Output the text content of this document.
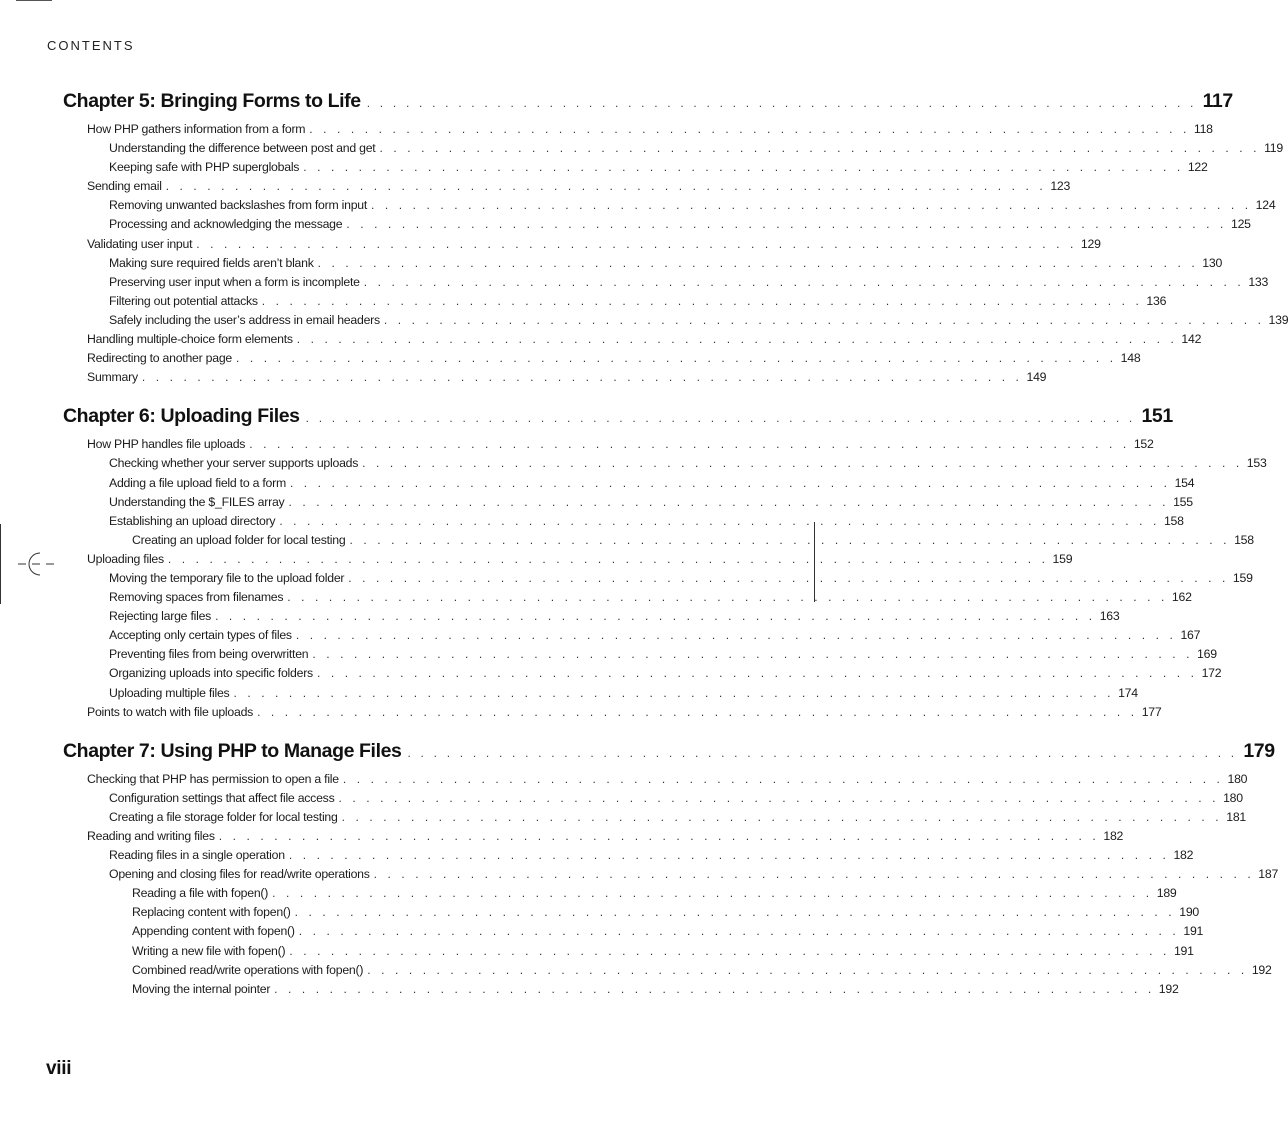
CONTENTS
Chapter 5: Bringing Forms to Life . . . . . . . . . . . . . . . . . . . . . . . . . . . . . . . . . . . . . . . . . . . . . . . . . . . . . . . . . . . . . . . . 117
How PHP gathers information from a form . . . . . . . . . . . . . . . . . . . . . . . . . . . . . . . . . . . . . . . . . . . . . . . . . . . . . . . . . . . . . . . . 118
Understanding the difference between post and get . . . . . . . . . . . . . . . . . . . . . . . . . . . . . . . . . . . . . . . . . . . . . . . . . . . . . . . . . . . . . . . . 119
Keeping safe with PHP superglobals . . . . . . . . . . . . . . . . . . . . . . . . . . . . . . . . . . . . . . . . . . . . . . . . . . . . . . . . . . . . . . . . 122
Sending email . . . . . . . . . . . . . . . . . . . . . . . . . . . . . . . . . . . . . . . . . . . . . . . . . . . . . . . . . . . . . . . . 123
Removing unwanted backslashes from form input . . . . . . . . . . . . . . . . . . . . . . . . . . . . . . . . . . . . . . . . . . . . . . . . . . . . . . . . . . . . . . . . 124
Processing and acknowledging the message . . . . . . . . . . . . . . . . . . . . . . . . . . . . . . . . . . . . . . . . . . . . . . . . . . . . . . . . . . . . . . . . 125
Validating user input . . . . . . . . . . . . . . . . . . . . . . . . . . . . . . . . . . . . . . . . . . . . . . . . . . . . . . . . . . . . . . . . 129
Making sure required fields aren’t blank . . . . . . . . . . . . . . . . . . . . . . . . . . . . . . . . . . . . . . . . . . . . . . . . . . . . . . . . . . . . . . . . 130
Preserving user input when a form is incomplete . . . . . . . . . . . . . . . . . . . . . . . . . . . . . . . . . . . . . . . . . . . . . . . . . . . . . . . . . . . . . . . . 133
Filtering out potential attacks . . . . . . . . . . . . . . . . . . . . . . . . . . . . . . . . . . . . . . . . . . . . . . . . . . . . . . . . . . . . . . . . 136
Safely including the user’s address in email headers . . . . . . . . . . . . . . . . . . . . . . . . . . . . . . . . . . . . . . . . . . . . . . . . . . . . . . . . . . . . . . . . 139
Handling multiple-choice form elements . . . . . . . . . . . . . . . . . . . . . . . . . . . . . . . . . . . . . . . . . . . . . . . . . . . . . . . . . . . . . . . . 142
Redirecting to another page . . . . . . . . . . . . . . . . . . . . . . . . . . . . . . . . . . . . . . . . . . . . . . . . . . . . . . . . . . . . . . . . 148
Summary . . . . . . . . . . . . . . . . . . . . . . . . . . . . . . . . . . . . . . . . . . . . . . . . . . . . . . . . . . . . . . . . 149
Chapter 6: Uploading Files . . . . . . . . . . . . . . . . . . . . . . . . . . . . . . . . . . . . . . . . . . . . . . . . . . . . . . . . . . . . . . . . 151
How PHP handles file uploads . . . . . . . . . . . . . . . . . . . . . . . . . . . . . . . . . . . . . . . . . . . . . . . . . . . . . . . . . . . . . . . . 152
Checking whether your server supports uploads . . . . . . . . . . . . . . . . . . . . . . . . . . . . . . . . . . . . . . . . . . . . . . . . . . . . . . . . . . . . . . . . 153
Adding a file upload field to a form . . . . . . . . . . . . . . . . . . . . . . . . . . . . . . . . . . . . . . . . . . . . . . . . . . . . . . . . . . . . . . . . 154
Understanding the $_FILES array . . . . . . . . . . . . . . . . . . . . . . . . . . . . . . . . . . . . . . . . . . . . . . . . . . . . . . . . . . . . . . . . 155
Establishing an upload directory . . . . . . . . . . . . . . . . . . . . . . . . . . . . . . . . . . . . . . . . . . . . . . . . . . . . . . . . . . . . . . . . 158
Creating an upload folder for local testing . . . . . . . . . . . . . . . . . . . . . . . . . . . . . . . . . . . . . . . . . . . . . . . . . . . . . . . . . . . . . . . . 158
Uploading files . . . . . . . . . . . . . . . . . . . . . . . . . . . . . . . . . . . . . . . . . . . . . . . . . . . . . . . . . . . . . . . . 159
Moving the temporary file to the upload folder . . . . . . . . . . . . . . . . . . . . . . . . . . . . . . . . . . . . . . . . . . . . . . . . . . . . . . . . . . . . . . . . 159
Removing spaces from filenames . . . . . . . . . . . . . . . . . . . . . . . . . . . . . . . . . . . . . . . . . . . . . . . . . . . . . . . . . . . . . . . . 162
Rejecting large files . . . . . . . . . . . . . . . . . . . . . . . . . . . . . . . . . . . . . . . . . . . . . . . . . . . . . . . . . . . . . . . . 163
Accepting only certain types of files . . . . . . . . . . . . . . . . . . . . . . . . . . . . . . . . . . . . . . . . . . . . . . . . . . . . . . . . . . . . . . . . 167
Preventing files from being overwritten . . . . . . . . . . . . . . . . . . . . . . . . . . . . . . . . . . . . . . . . . . . . . . . . . . . . . . . . . . . . . . . . 169
Organizing uploads into specific folders . . . . . . . . . . . . . . . . . . . . . . . . . . . . . . . . . . . . . . . . . . . . . . . . . . . . . . . . . . . . . . . . 172
Uploading multiple files . . . . . . . . . . . . . . . . . . . . . . . . . . . . . . . . . . . . . . . . . . . . . . . . . . . . . . . . . . . . . . . . 174
Points to watch with file uploads . . . . . . . . . . . . . . . . . . . . . . . . . . . . . . . . . . . . . . . . . . . . . . . . . . . . . . . . . . . . . . . . 177
Chapter 7: Using PHP to Manage Files . . . . . . . . . . . . . . . . . . . . . . . . . . . . . . . . . . . . . . . . . . . . . . . . . . . . . . . . . . . . . . . . 179
Checking that PHP has permission to open a file . . . . . . . . . . . . . . . . . . . . . . . . . . . . . . . . . . . . . . . . . . . . . . . . . . . . . . . . . . . . . . . . 180
Configuration settings that affect file access . . . . . . . . . . . . . . . . . . . . . . . . . . . . . . . . . . . . . . . . . . . . . . . . . . . . . . . . . . . . . . . . 180
Creating a file storage folder for local testing . . . . . . . . . . . . . . . . . . . . . . . . . . . . . . . . . . . . . . . . . . . . . . . . . . . . . . . . . . . . . . . . 181
Reading and writing files . . . . . . . . . . . . . . . . . . . . . . . . . . . . . . . . . . . . . . . . . . . . . . . . . . . . . . . . . . . . . . . . 182
Reading files in a single operation . . . . . . . . . . . . . . . . . . . . . . . . . . . . . . . . . . . . . . . . . . . . . . . . . . . . . . . . . . . . . . . . 182
Opening and closing files for read/write operations . . . . . . . . . . . . . . . . . . . . . . . . . . . . . . . . . . . . . . . . . . . . . . . . . . . . . . . . . . . . . . . . 187
Reading a file with fopen() . . . . . . . . . . . . . . . . . . . . . . . . . . . . . . . . . . . . . . . . . . . . . . . . . . . . . . . . . . . . . . . . 189
Replacing content with fopen() . . . . . . . . . . . . . . . . . . . . . . . . . . . . . . . . . . . . . . . . . . . . . . . . . . . . . . . . . . . . . . . . 190
Appending content with fopen() . . . . . . . . . . . . . . . . . . . . . . . . . . . . . . . . . . . . . . . . . . . . . . . . . . . . . . . . . . . . . . . . 191
Writing a new file with fopen() . . . . . . . . . . . . . . . . . . . . . . . . . . . . . . . . . . . . . . . . . . . . . . . . . . . . . . . . . . . . . . . . 191
Combined read/write operations with fopen() . . . . . . . . . . . . . . . . . . . . . . . . . . . . . . . . . . . . . . . . . . . . . . . . . . . . . . . . . . . . . . . . 192
Moving the internal pointer . . . . . . . . . . . . . . . . . . . . . . . . . . . . . . . . . . . . . . . . . . . . . . . . . . . . . . . . . . . . . . . . 192
viii
